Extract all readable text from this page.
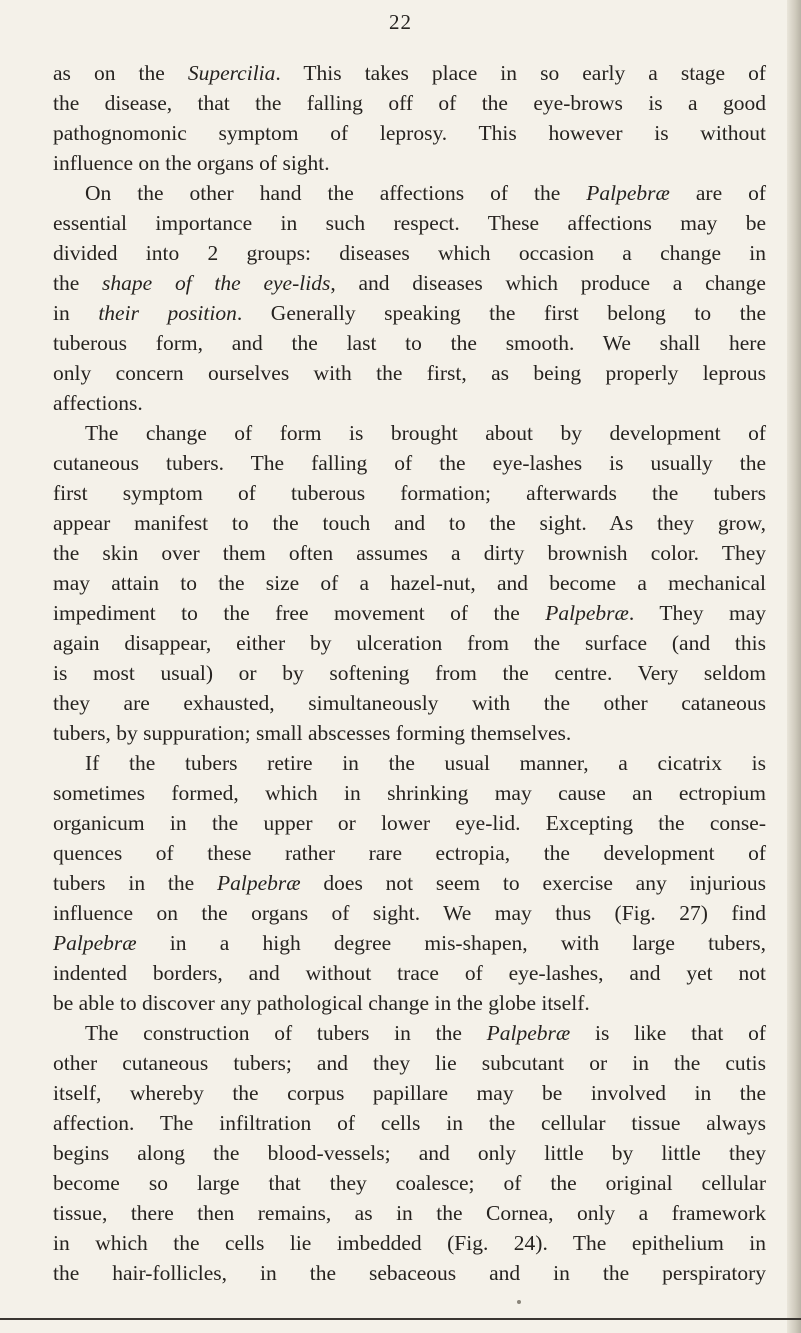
22
as on the Supercilia. This takes place in so early a stage of
the disease, that the falling off of the eye-brows is a good
pathognomonic symptom of leprosy. This however is without
influence on the organs of sight.
On the other hand the affections of the Palpebræ are of
essential importance in such respect. These affections may be
divided into 2 groups: diseases which occasion a change in
the shape of the eye-lids, and diseases which produce a change
in their position. Generally speaking the first belong to the
tuberous form, and the last to the smooth. We shall here
only concern ourselves with the first, as being properly leprous
affections.
The change of form is brought about by development of
cutaneous tubers. The falling of the eye-lashes is usually the
first symptom of tuberous formation; afterwards the tubers
appear manifest to the touch and to the sight. As they grow,
the skin over them often assumes a dirty brownish color. They
may attain to the size of a hazel-nut, and become a mechanical
impediment to the free movement of the Palpebræ. They may
again disappear, either by ulceration from the surface (and this
is most usual) or by softening from the centre. Very seldom
they are exhausted, simultaneously with the other cataneous
tubers, by suppuration; small abscesses forming themselves.
If the tubers retire in the usual manner, a cicatrix is
sometimes formed, which in shrinking may cause an ectropium
organicum in the upper or lower eye-lid. Excepting the conse-
quences of these rather rare ectropia, the development of
tubers in the Palpebræ does not seem to exercise any injurious
influence on the organs of sight. We may thus (Fig. 27) find
Palpebræ in a high degree mis-shapen, with large tubers,
indented borders, and without trace of eye-lashes, and yet not
be able to discover any pathological change in the globe itself.
The construction of tubers in the Palpebræ is like that of
other cutaneous tubers; and they lie subcutant or in the cutis
itself, whereby the corpus papillare may be involved in the
affection. The infiltration of cells in the cellular tissue always
begins along the blood-vessels; and only little by little they
become so large that they coalesce; of the original cellular
tissue, there then remains, as in the Cornea, only a framework
in which the cells lie imbedded (Fig. 24). The epithelium in
the hair-follicles, in the sebaceous and in the perspiratory
